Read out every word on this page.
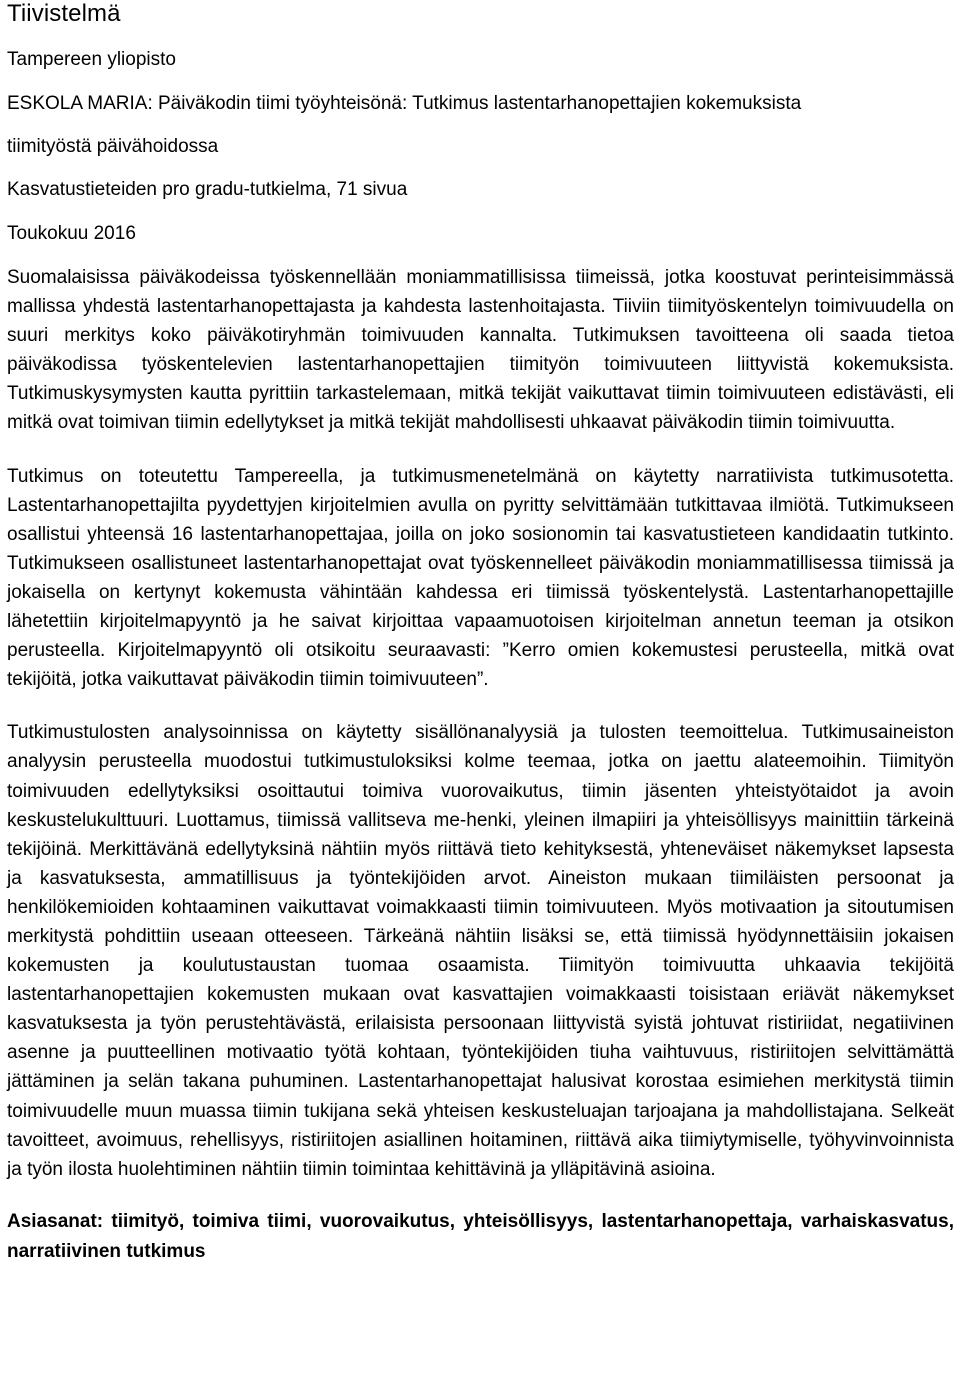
Tiivistelmä

Tampereen yliopisto

ESKOLA MARIA: Päiväkodin tiimi työyhteisönä: Tutkimus lastentarhanopettajien kokemuksista

tiimityöstä päivähoidossa

Kasvatustieteiden pro gradu-tutkielma, 71 sivua

Toukokuu 2016

Suomalaisissa päiväkodeissa työskennellään moniammatillisissa tiimeissä, jotka koostuvat perinteisimmässä mallissa yhdestä lastentarhanopettajasta ja kahdesta lastenhoitajasta. Tiiviin tiimityöskentelyn toimivuudella on suuri merkitys koko päiväkotiryhmän toimivuuden kannalta. Tutkimuksen tavoitteena oli saada tietoa päiväkodissa työskentelevien lastentarhanopettajien tiimityön toimivuuteen liittyvistä kokemuksista. Tutkimuskysymysten kautta pyrittiin tarkastelemaan, mitkä tekijät vaikuttavat tiimin toimivuuteen edistävästi, eli mitkä ovat toimivan tiimin edellytykset ja mitkä tekijät mahdollisesti uhkaavat päiväkodin tiimin toimivuutta.

Tutkimus on toteutettu Tampereella, ja tutkimusmenetelmänä on käytetty narratiivista tutkimusotetta. Lastentarhanopettajilta pyydettyjen kirjoitelmien avulla on pyritty selvittämään tutkittavaa ilmiötä. Tutkimukseen osallistui yhteensä 16 lastentarhanopettajaa, joilla on joko sosionomin tai kasvatustieteen kandidaatin tutkinto. Tutkimukseen osallistuneet lastentarhanopettajat ovat työskennelleet päiväkodin moniammatillisessa tiimissä ja jokaisella on kertynyt kokemusta vähintään kahdessa eri tiimissä työskentelystä. Lastentarhanopettajille lähetettiin kirjoitelmapyyntö ja he saivat kirjoittaa vapaamuotoisen kirjoitelman annetun teeman ja otsikon perusteella. Kirjoitelmapyyntö oli otsikoitu seuraavasti: ”Kerro omien kokemustesi perusteella, mitkä ovat tekijöitä, jotka vaikuttavat päiväkodin tiimin toimivuuteen”.

Tutkimustulosten analysoinnissa on käytetty sisällönanalyysiä ja tulosten teemoittelua. Tutkimusaineiston analyysin perusteella muodostui tutkimustuloksiksi kolme teemaa, jotka on jaettu alateemoihin. Tiimityön toimivuuden edellytyksiksi osoittautui toimiva vuorovaikutus, tiimin jäsenten yhteistyötaidot ja avoin keskustelukulttuuri. Luottamus, tiimissä vallitseva me-henki, yleinen ilmapiiri ja yhteisöllisyys mainittiin tärkeinä tekijöinä. Merkittävänä edellytyksinä nähtiin myös riittävä tieto kehityksestä, yhteneväiset näkemykset lapsesta ja kasvatuksesta, ammatillisuus ja työntekijöiden arvot. Aineiston mukaan tiimiläisten persoonat ja henkilökemioiden kohtaaminen vaikuttavat voimakkaasti tiimin toimivuuteen. Myös motivaation ja sitoutumisen merkitystä pohdittiin useaan otteeseen. Tärkeänä nähtiin lisäksi se, että tiimissä hyödynnettäisiin jokaisen kokemusten ja koulutustaustan tuomaa osaamista. Tiimityön toimivuutta uhkaavia tekijöitä lastentarhanopettajien kokemusten mukaan ovat kasvattajien voimakkaasti toisistaan eriävät näkemykset kasvatuksesta ja työn perustehtävästä, erilaisista persoonaan liittyvistä syistä johtuvat ristiriidat, negatiivinen asenne ja puutteellinen motivaatio työtä kohtaan, työntekijöiden tiuha vaihtuvuus, ristiriitojen selvittämättä jättäminen ja selän takana puhuminen. Lastentarhanopettajat halusivat korostaa esimiehen merkitystä tiimin toimivuudelle muun muassa tiimin tukijana sekä yhteisen keskusteluajan tarjoajana ja mahdollistajana. Selkeät tavoitteet, avoimuus, rehellisyys, ristiriitojen asiallinen hoitaminen, riittävä aika tiimiytymiselle, työhyvinvoinnista ja työn ilosta huolehtiminen nähtiin tiimin toimintaa kehittävinä ja ylläpitävinä asioina.

Asiasanat: tiimityö, toimiva tiimi, vuorovaikutus, yhteisöllisyys, lastentarhanopettaja, varhaiskasvatus, narratiivinen tutkimus
